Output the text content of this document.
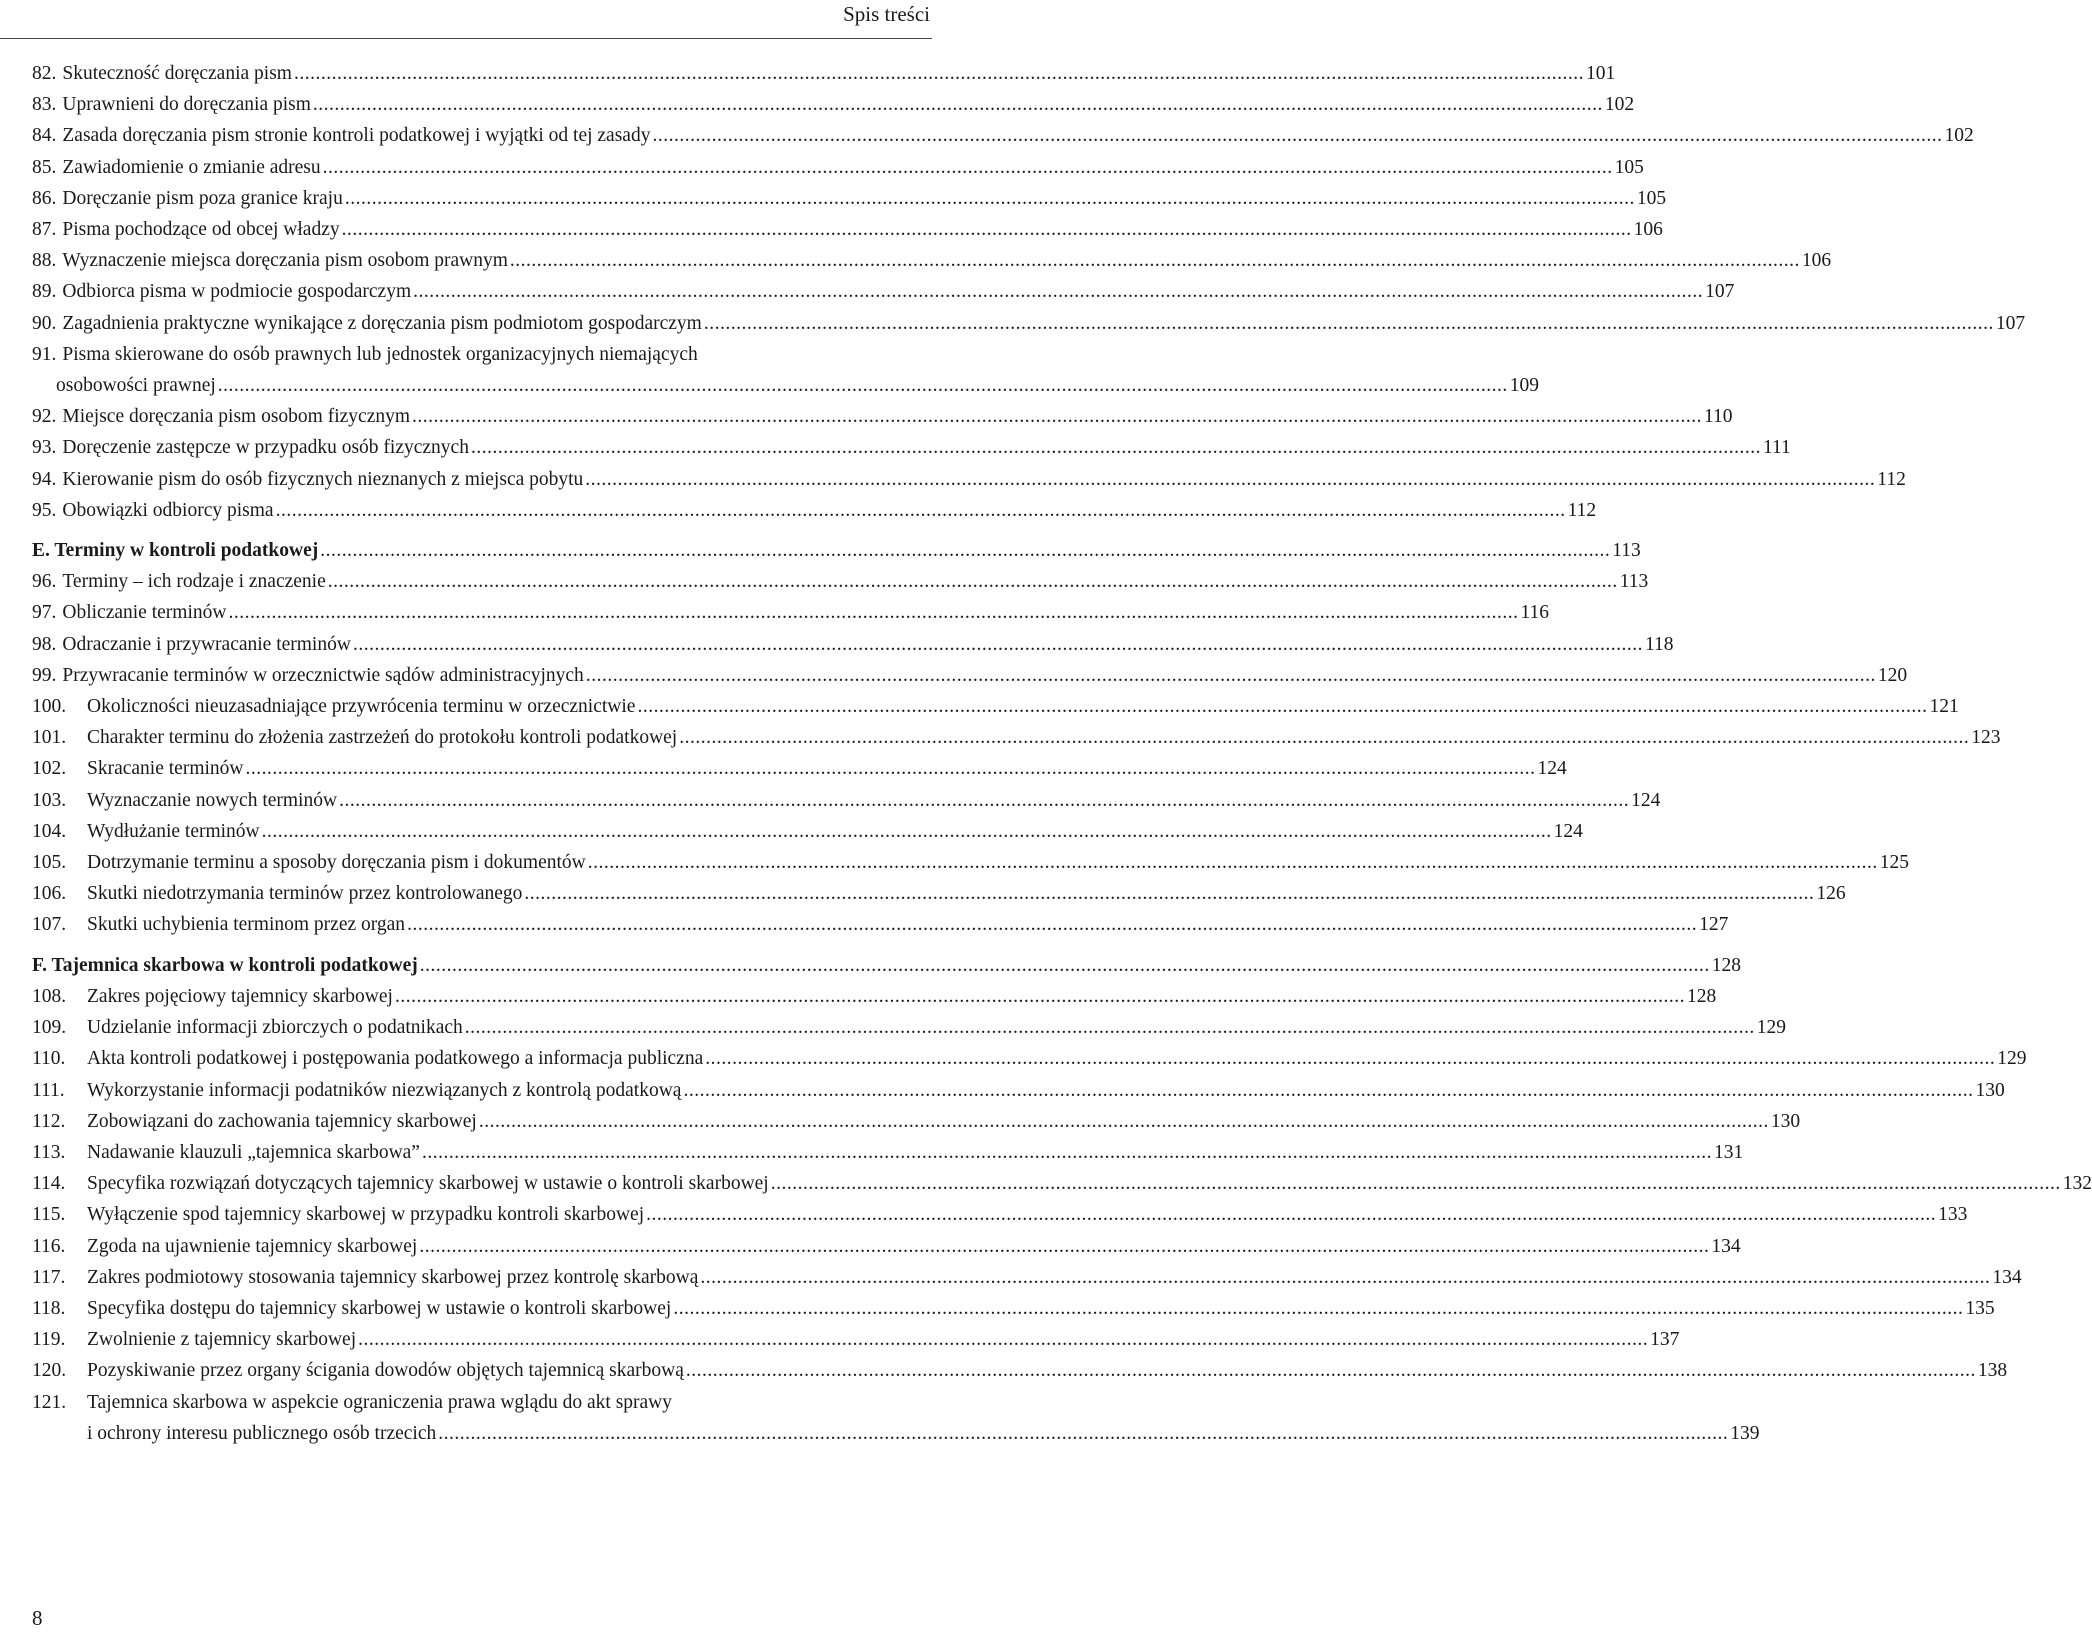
Spis treści
82. Skuteczność doręczania pism .....	101
83. Uprawnieni do doręczania pism .....	102
84. Zasada doręczania pism stronie kontroli podatkowej i wyjątki od tej zasady .....	102
85. Zawiadomienie o zmianie adresu .....	105
86. Doręczanie pism poza granice kraju .....	105
87. Pisma pochodzące od obcej władzy .....	106
88. Wyznaczenie miejsca doręczania pism osobom prawnym .....	106
89. Odbiorca pisma w podmiocie gospodarczym .....	107
90. Zagadnienia praktyczne wynikające z doręczania pism podmiotom gospodarczym .....	107
91. Pisma skierowane do osób prawnych lub jednostek organizacyjnych niemających
osobowości prawnej .....	109
92. Miejsce doręczania pism osobom fizycznym .....	110
93. Doręczenie zastępcze w przypadku osób fizycznych .....	111
94. Kierowanie pism do osób fizycznych nieznanych z miejsca pobytu .....	112
95. Obowiązki odbiorcy pisma .....	112
E. Terminy w kontroli podatkowej .....	113
96. Terminy – ich rodzaje i znaczenie .....	113
97. Obliczanie terminów .....	116
98. Odraczanie i przywracanie terminów .....	118
99. Przywracanie terminów w orzecznictwie sądów administracyjnych .....	120
100.	Okoliczności nieuzasadniające przywrócenia terminu w orzecznictwie .....	121
101.	Charakter terminu do złożenia zastrzeżeń do protokołu kontroli podatkowej .....	123
102.	Skracanie terminów .....	124
103.	Wyznaczanie nowych terminów .....	124
104.	Wydłużanie terminów .....	124
105.	Dotrzymanie terminu a sposoby doręczania pism i dokumentów .....	125
106.	Skutki niedotrzymania terminów przez kontrolowanego .....	126
107.	Skutki uchybienia terminom przez organ .....	127
F. Tajemnica skarbowa w kontroli podatkowej .....	128
108.	Zakres pojęciowy tajemnicy skarbowej .....	128
109.	Udzielanie informacji zbiorczych o podatnikach .....	129
110.	Akta kontroli podatkowej i postępowania podatkowego a informacja publiczna .....	129
111.	Wykorzystanie informacji podatników niezwiązanych z kontrolą podatkową .....	130
112.	Zobowiązani do zachowania tajemnicy skarbowej .....	130
113.	Nadawanie klauzuli „tajemnica skarbowa” .....	131
114.	Specyfika rozwiązań dotyczących tajemnicy skarbowej w ustawie o kontroli skarbowej .....	132
115.	Wyłączenie spod tajemnicy skarbowej w przypadku kontroli skarbowej .....	133
116.	Zgoda na ujawnienie tajemnicy skarbowej .....	134
117.	Zakres podmiotowy stosowania tajemnicy skarbowej przez kontrolę skarbową .....	134
118.	Specyfika dostępu do tajemnicy skarbowej w ustawie o kontroli skarbowej .....	135
119.	Zwolnienie z tajemnicy skarbowej .....	137
120.	Pozyskiwanie przez organy ścigania dowodów objętych tajemnicą skarbową .....	138
121.	Tajemnica skarbowa w aspekcie ograniczenia prawa wglądu do akt sprawy
i ochrony interesu publicznego osób trzecich .....	139
8
